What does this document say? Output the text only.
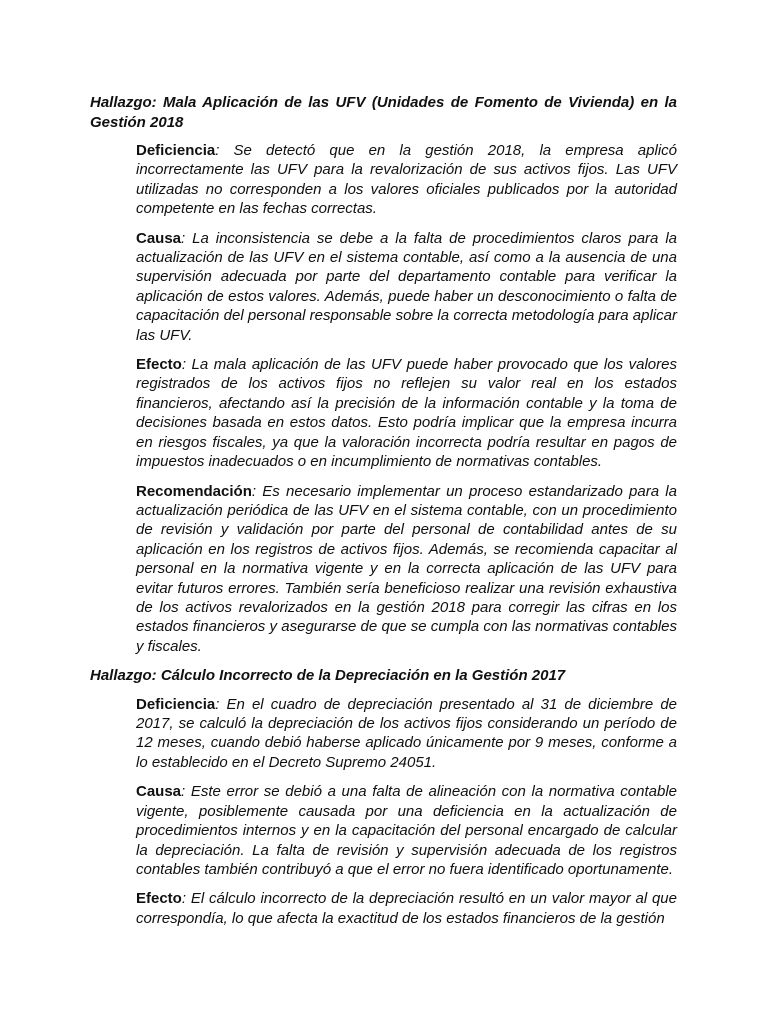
Hallazgo: Mala Aplicación de las UFV (Unidades de Fomento de Vivienda) en la Gestión 2018

Deficiencia: Se detectó que en la gestión 2018, la empresa aplicó incorrectamente las UFV para la revalorización de sus activos fijos. Las UFV utilizadas no corresponden a los valores oficiales publicados por la autoridad competente en las fechas correctas.

Causa: La inconsistencia se debe a la falta de procedimientos claros para la actualización de las UFV en el sistema contable, así como a la ausencia de una supervisión adecuada por parte del departamento contable para verificar la aplicación de estos valores. Además, puede haber un desconocimiento o falta de capacitación del personal responsable sobre la correcta metodología para aplicar las UFV.

Efecto: La mala aplicación de las UFV puede haber provocado que los valores registrados de los activos fijos no reflejen su valor real en los estados financieros, afectando así la precisión de la información contable y la toma de decisiones basada en estos datos. Esto podría implicar que la empresa incurra en riesgos fiscales, ya que la valoración incorrecta podría resultar en pagos de impuestos inadecuados o en incumplimiento de normativas contables.

Recomendación: Es necesario implementar un proceso estandarizado para la actualización periódica de las UFV en el sistema contable, con un procedimiento de revisión y validación por parte del personal de contabilidad antes de su aplicación en los registros de activos fijos. Además, se recomienda capacitar al personal en la normativa vigente y en la correcta aplicación de las UFV para evitar futuros errores. También sería beneficioso realizar una revisión exhaustiva de los activos revalorizados en la gestión 2018 para corregir las cifras en los estados financieros y asegurarse de que se cumpla con las normativas contables y fiscales.

Hallazgo: Cálculo Incorrecto de la Depreciación en la Gestión 2017

Deficiencia: En el cuadro de depreciación presentado al 31 de diciembre de 2017, se calculó la depreciación de los activos fijos considerando un período de 12 meses, cuando debió haberse aplicado únicamente por 9 meses, conforme a lo establecido en el Decreto Supremo 24051.

Causa: Este error se debió a una falta de alineación con la normativa contable vigente, posiblemente causada por una deficiencia en la actualización de procedimientos internos y en la capacitación del personal encargado de calcular la depreciación. La falta de revisión y supervisión adecuada de los registros contables también contribuyó a que el error no fuera identificado oportunamente.

Efecto: El cálculo incorrecto de la depreciación resultó en un valor mayor al que correspondía, lo que afecta la exactitud de los estados financieros de la gestión
